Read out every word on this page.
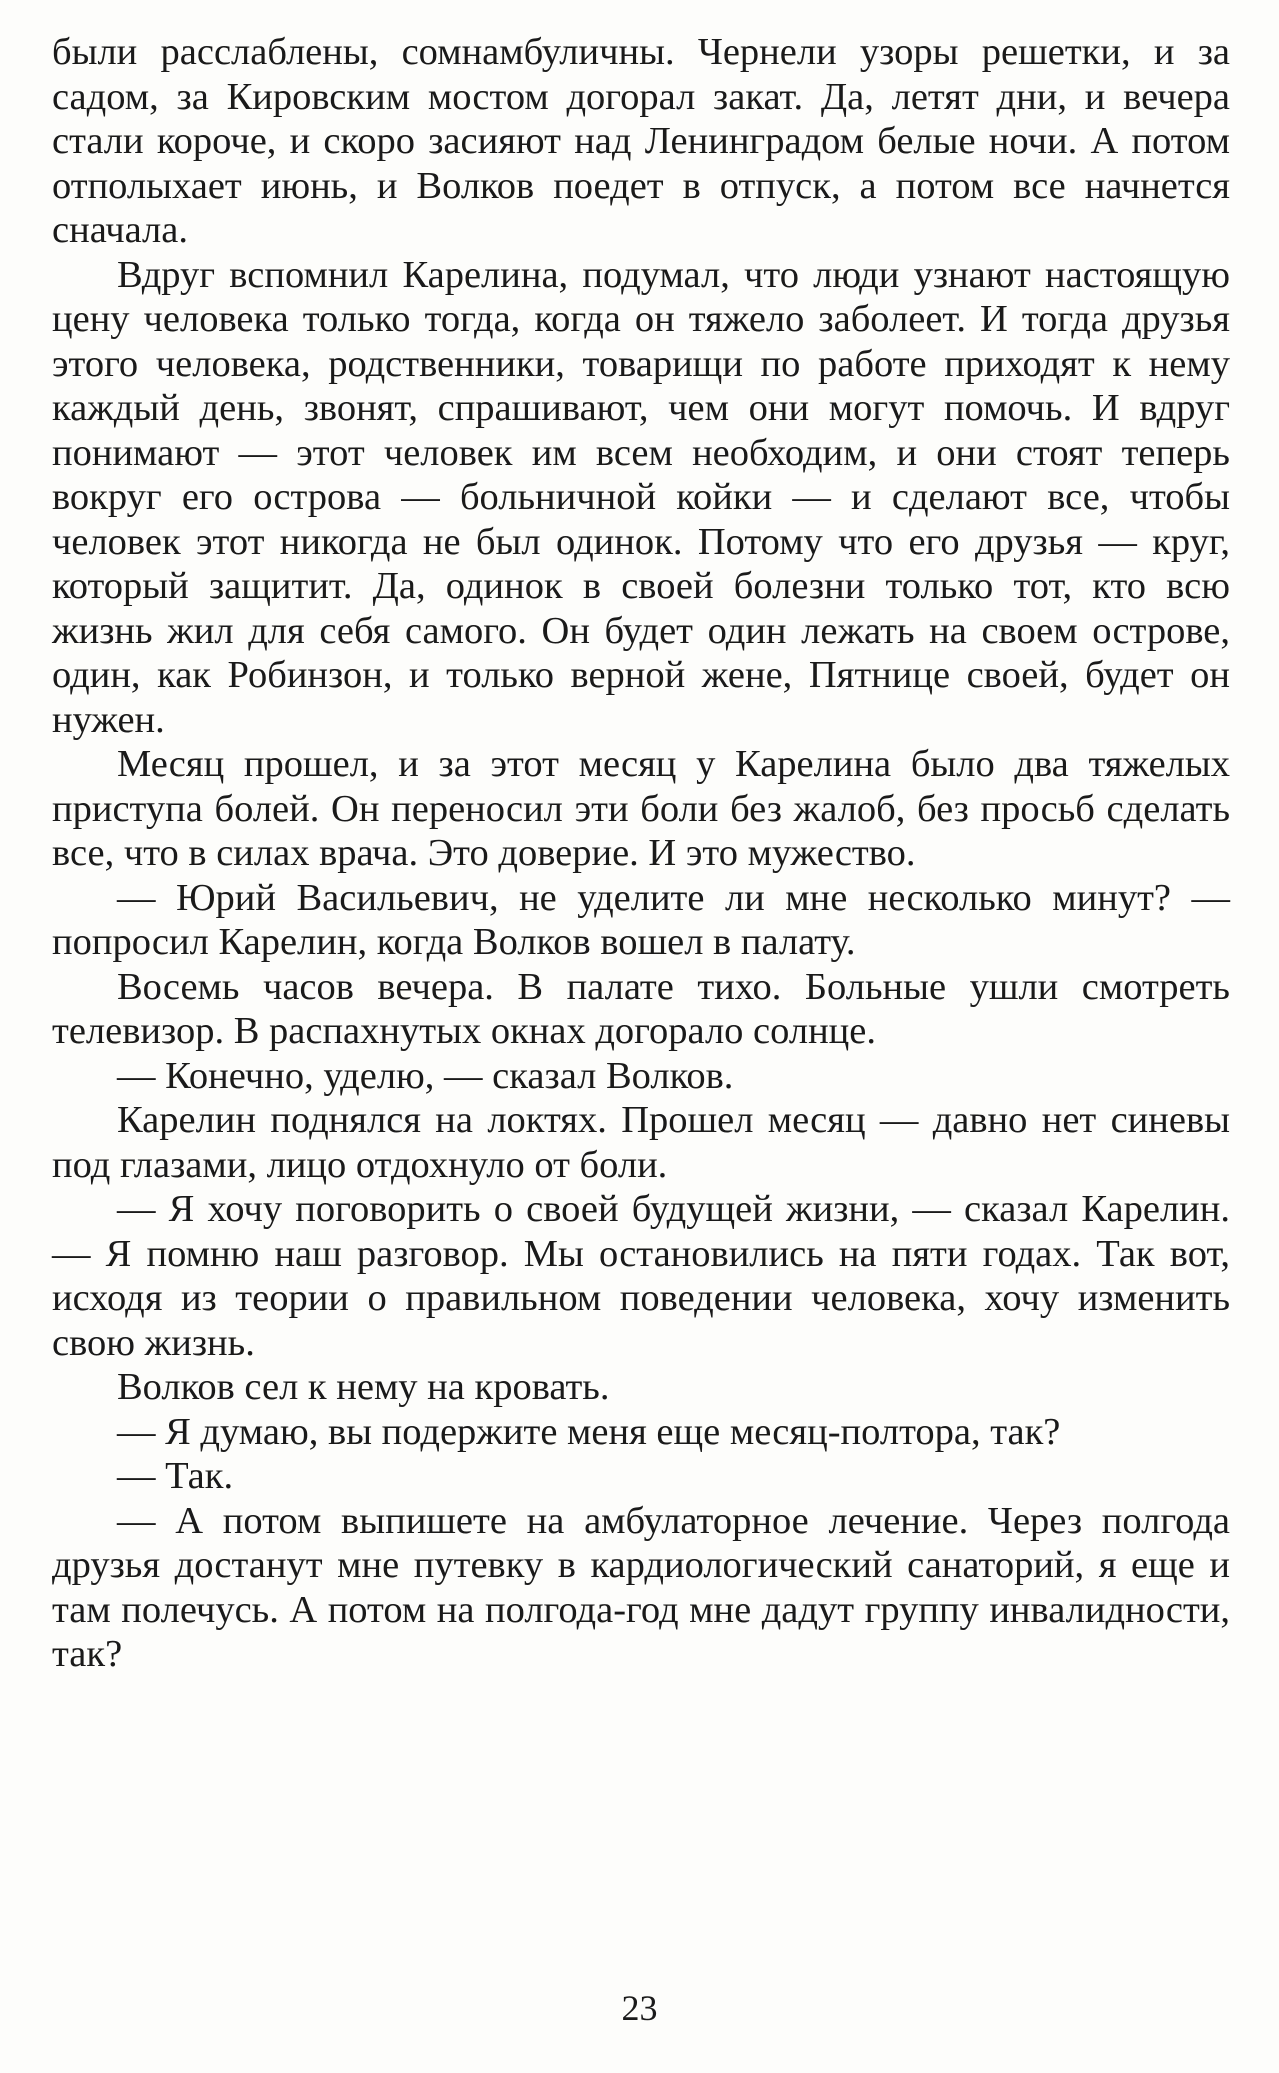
были расслаблены, сомнамбуличны. Чернели узоры решетки, и за садом, за Кировским мостом догорал закат. Да, летят дни, и вечера стали короче, и скоро засияют над Ленинградом белые ночи. А потом отполыхает июнь, и Волков поедет в отпуск, а потом все начнется сначала.

Вдруг вспомнил Карелина, подумал, что люди узнают настоящую цену человека только тогда, когда он тяжело заболеет. И тогда друзья этого человека, родственники, товарищи по работе приходят к нему каждый день, звонят, спрашивают, чем они могут помочь. И вдруг понимают — этот человек им всем необходим, и они стоят теперь вокруг его острова — больничной койки — и сделают все, чтобы человек этот никогда не был одинок. Потому что его друзья — круг, который защитит. Да, одинок в своей болезни только тот, кто всю жизнь жил для себя самого. Он будет один лежать на своем острове, один, как Робинзон, и только верной жене, Пятнице своей, будет он нужен.

Месяц прошел, и за этот месяц у Карелина было два тяжелых приступа болей. Он переносил эти боли без жалоб, без просьб сделать все, что в силах врача. Это доверие. И это мужество.

— Юрий Васильевич, не уделите ли мне несколько минут? — попросил Карелин, когда Волков вошел в палату.

Восемь часов вечера. В палате тихо. Больные ушли смотреть телевизор. В распахнутых окнах догорало солнце.

— Конечно, уделю, — сказал Волков.

Карелин поднялся на локтях. Прошел месяц — давно нет синевы под глазами, лицо отдохнуло от боли.

— Я хочу поговорить о своей будущей жизни, — сказал Карелин. — Я помню наш разговор. Мы остановились на пяти годах. Так вот, исходя из теории о правильном поведении человека, хочу изменить свою жизнь.

Волков сел к нему на кровать.

— Я думаю, вы подержите меня еще месяц-полтора, так?

— Так.

— А потом выпишете на амбулаторное лечение. Через полгода друзья достанут мне путевку в кардиологический санаторий, я еще и там полечусь. А потом на полгода-год мне дадут группу инвалидности, так?

23
